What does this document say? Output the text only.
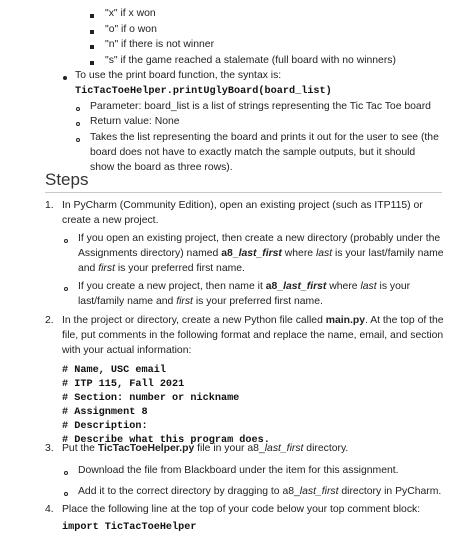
"x" if x won
"o" if o won
"n" if there is not winner
"s" if the game reached a stalemate (full board with no winners)
To use the print board function, the syntax is:
TicTacToeHelper.printUglyBoard(board_list)
Parameter: board_list is a list of strings representing the Tic Tac Toe board
Return value: None
Takes the list representing the board and prints it out for the user to see (the
board does not have to exactly match the sample outputs, but it should
show the board as three rows).
Steps
1. In PyCharm (Community Edition), open an existing project (such as ITP115) or
create a new project.
If you open an existing project, then create a new directory (probably under the
Assignments directory) named a8_last_first where last is your last/family name
and first is your preferred first name.
If you create a new project, then name it a8_last_first where last is your
last/family name and first is your preferred first name.
2. In the project or directory, create a new Python file called main.py. At the top of the
file, put comments in the following format and replace the name, email, and section
with your actual information:
# Name, USC email
# ITP 115, Fall 2021
# Section: number or nickname
# Assignment 8
# Description:
# Describe what this program does.
3. Put the TicTacToeHelper.py file in your a8_last_first directory.
Download the file from Blackboard under the item for this assignment.
Add it to the correct directory by dragging to a8_last_first directory in PyCharm.
4. Place the following line at the top of your code below your top comment block:
import TicTacToeHelper
